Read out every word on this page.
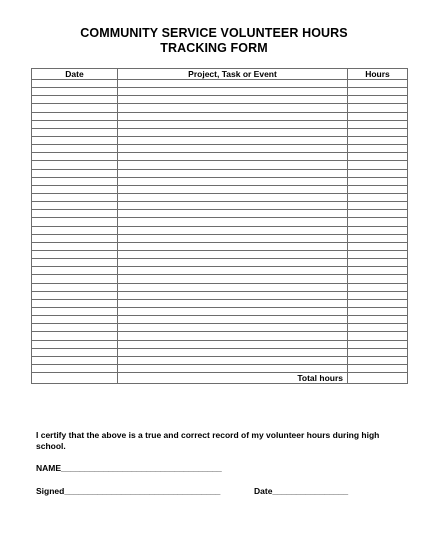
COMMUNITY SERVICE VOLUNTEER HOURS
TRACKING FORM
Date	Project, Task or Event	Hours

	Total hours	
I certify that the above is a true and correct record of my volunteer hours during high school.
NAME__________________________________
Signed_________________________________	Date________________
